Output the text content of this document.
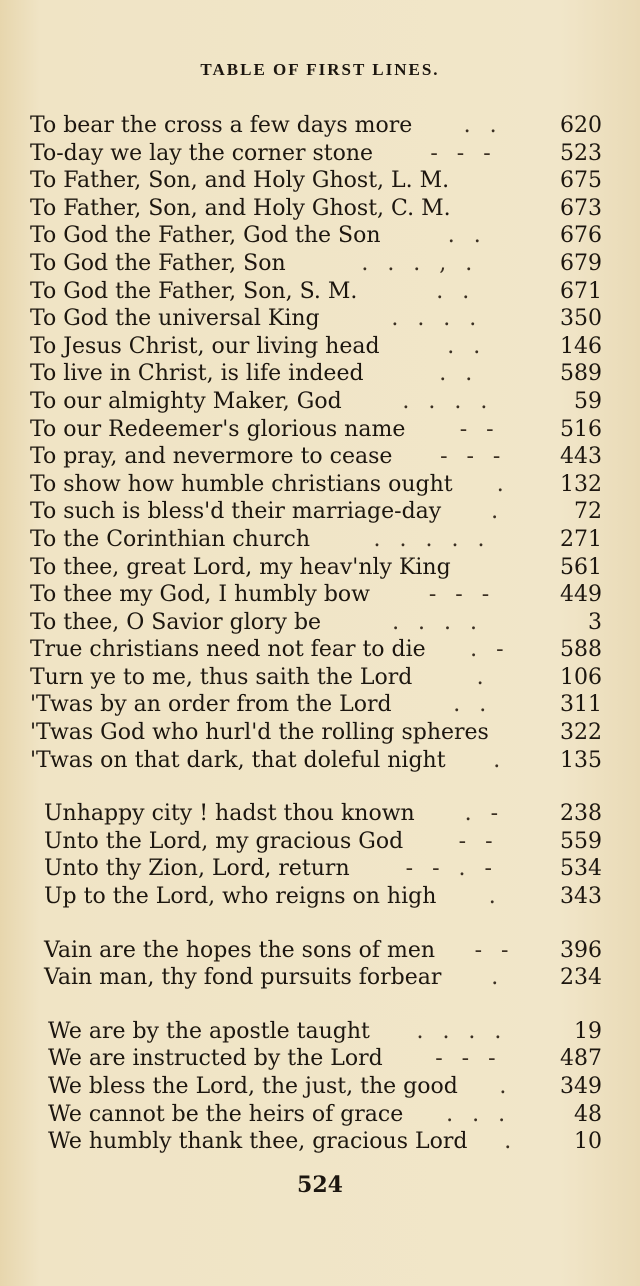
TABLE OF FIRST LINES.
To bear the cross a few days more	. .	620
To-day we lay the corner stone	- - -	523
To Father, Son, and Holy Ghost, L. M.	675
To Father, Son, and Holy Ghost, C. M.	673
To God the Father, God the Son	. .	676
To God the Father, Son	. . . , .	679
To God the Father, Son, S. M.	. .	671
To God the universal King	. . . .	350
To Jesus Christ, our living head	. .	146
To live in Christ, is life indeed	. .	589
To our almighty Maker, God	. . . .	59
To our Redeemer's glorious name	- -	516
To pray, and nevermore to cease	- - -	443
To show how humble christians ought	.	132
To such is bless'd their marriage-day	.	72
To the Corinthian church	. . . . .	271
To thee, great Lord, my heav'nly King	561
To thee my God, I humbly bow	- - -	449
To thee, O Savior glory be	. . . .	3
True christians need not fear to die	. -	588
Turn ye to me, thus saith the Lord	.	106
'Twas by an order from the Lord	. .	311
'Twas God who hurl'd the rolling spheres	322
'Twas on that dark, that doleful night	.	135
Unhappy city ! hadst thou known	. -	238
Unto the Lord, my gracious God	- -	559
Unto thy Zion, Lord, return	- - . -	534
Up to the Lord, who reigns on high	.	343
Vain are the hopes the sons of men	- -	396
Vain man, thy fond pursuits forbear	.	234
We are by the apostle taught	. . . .	19
We are instructed by the Lord	- - -	487
We bless the Lord, the just, the good	.	349
We cannot be the heirs of grace	. . .	48
We humbly thank thee, gracious Lord	.	10
524
